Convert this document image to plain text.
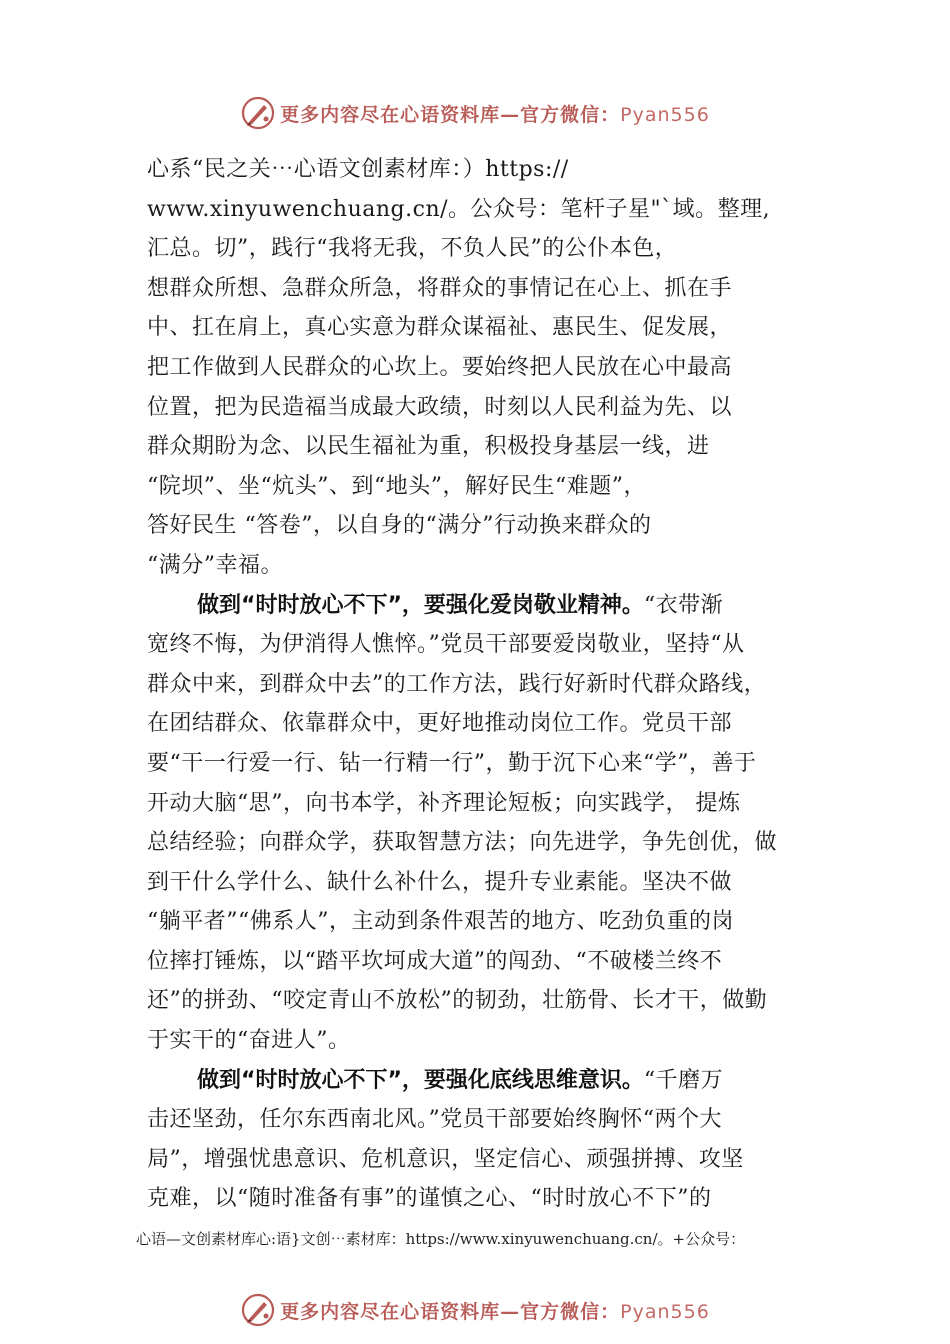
更多内容尽在心语资料库—官方微信：Pyan556
心系“民之关⋯心语文创素材库：）https://
www.xinyuwenchuang.cn/。公众号：笔杆子星"`域。整理,
汇总。切”，践行“我将无我，不负人民”的公仆本色，
想群众所想、急群众所急，将群众的事情记在心上、抓在手
中、扛在肩上，真心实意为群众谋福祉、惠民生、促发展，
把工作做到人民群众的心坎上。要始终把人民放在心中最高
位置，把为民造福当成最大政绩，时刻以人民利益为先、以
群众期盼为念、以民生福祉为重，积极投身基层一线，进
“院坝”、坐“炕头”、到“地头”，解好民生“难题”，
答好民生 “答卷”，以自身的“满分”行动换来群众的
“满分”幸福。
做到“时时放心不下”，要强化爱岗敬业精神。“衣带渐
宽终不悔，为伊消得人憔悴。”党员干部要爱岗敬业，坚持“从
群众中来，到群众中去”的工作方法，践行好新时代群众路线，
在团结群众、依靠群众中，更好地推动岗位工作。党员干部
要“干一行爱一行、钻一行精一行”，勤于沉下心来“学”，善于
开动大脑“思”，向书本学，补齐理论短板；向实践学， 提炼
总结经验；向群众学，获取智慧方法；向先进学，争先创优，做
到干什么学什么、缺什么补什么，提升专业素能。坚决不做
“躺平者”“佛系人”，主动到条件艰苦的地方、吃劲负重的岗
位摔打锤炼，以“踏平坎坷成大道”的闯劲、“不破楼兰终不
还”的拼劲、“咬定青山不放松”的韧劲，壮筋骨、长才干，做勤
于实干的“奋进人”。
做到“时时放心不下”，要强化底线思维意识。“千磨万
击还坚劲，任尔东西南北风。”党员干部要始终胸怀“两个大
局”，增强忧患意识、危机意识，坚定信心、顽强拼搏、攻坚
克难，以“随时准备有事”的谨慎之心、“时时放心不下”的
心语—文创素材库心:语}文创⋯素材库：https://www.xinyuwenchuang.cn/。+公众号：
更多内容尽在心语资料库—官方微信：Pyan556
